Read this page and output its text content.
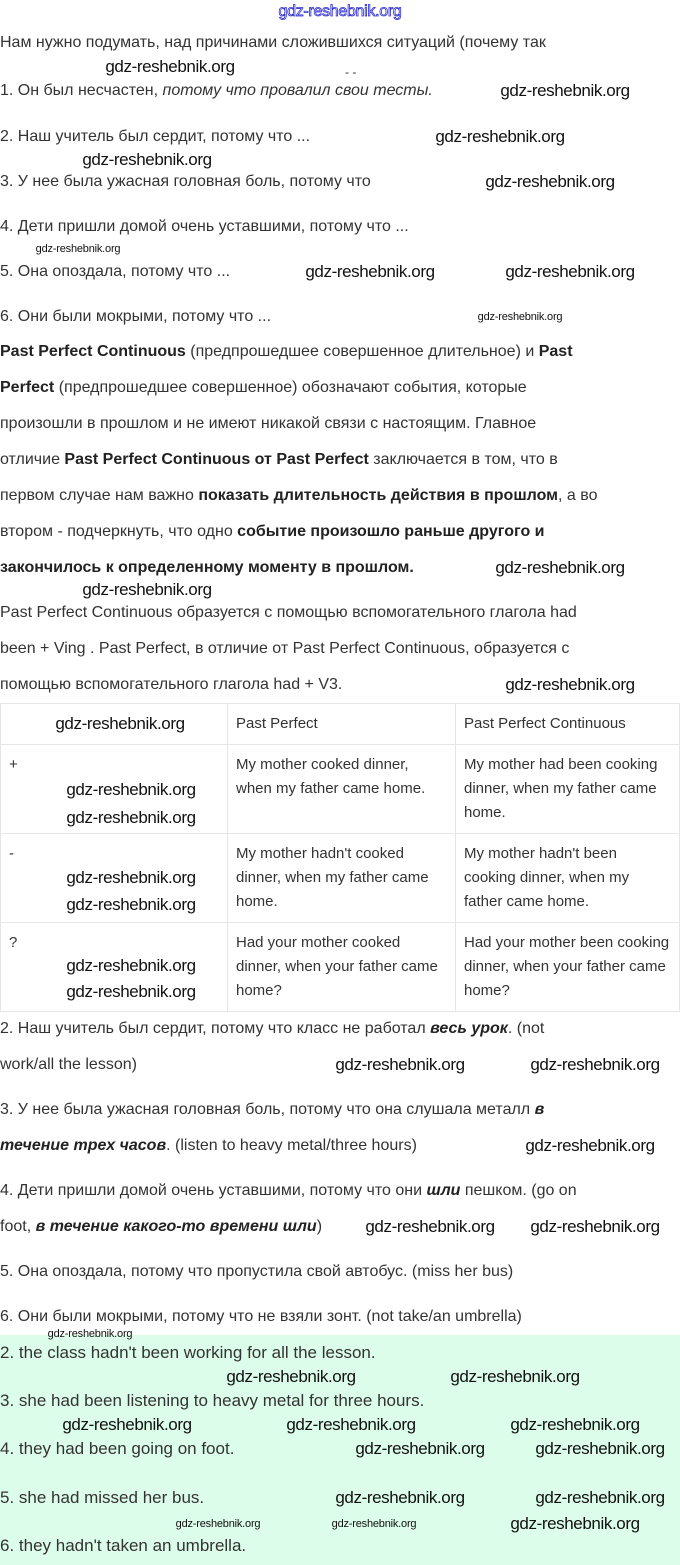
gdz-reshebnik.org
Нам нужно подумать, над причинами сложившихся ситуаций (почему так
- -
1. Он был несчастен, потому что провалил свои тесты.
2. Наш учитель был сердит, потому что ...
3. У нее была ужасная головная боль, потому что
4. Дети пришли домой очень уставшими, потому что ...
5. Она опоздала, потому что ...
6. Они были мокрыми, потому что ...
Past Perfect Continuous (предпрошедшее совершенное длительное) и Past
Perfect (предпрошедшее совершенное) обозначают события, которые
произошли в прошлом и не имеют никакой связи с настоящим. Главное
отличие Past Perfect Continuous от Past Perfect заключается в том, что в
первом случае нам важно показать длительность действия в прошлом, а во
втором - подчеркнуть, что одно событие произошло раньше другого и
закончилось к определенному моменту в прошлом.
Past Perfect Continuous образуется с помощью вспомогательного глагола had
been + Ving . Past Perfect, в отличие от Past Perfect Continuous, образуется с
помощью вспомогательного глагола had + V3.
	Past Perfect	Past Perfect Continuous
+	My mother cooked dinner, when my father came home.	My mother had been cooking dinner, when my father came home.
-	My mother hadn't cooked dinner, when my father came home.	My mother hadn't been cooking dinner, when my father came home.
?	Had your mother cooked dinner, when your father came home?	Had your mother been cooking dinner, when your father came home?
2. Наш учитель был сердит, потому что класс не работал весь урок. (not
work/all the lesson)
3. У нее была ужасная головная боль, потому что она слушала металл в
течение трех часов. (listen to heavy metal/three hours)
4. Дети пришли домой очень уставшими, потому что они шли пешком. (go on
foot, в течение какого-то времени шли)
5. Она опоздала, потому что пропустила свой автобус. (miss her bus)
6. Они были мокрыми, потому что не взяли зонт. (not take/an umbrella)
2. the class hadn't been working for all the lesson.
3. she had been listening to heavy metal for three hours.
4. they had been going on foot.
5. she had missed her bus.
6. they hadn't taken an umbrella.
gdz-reshebnik.org
gdz-reshebnik.org
gdz-reshebnik.org
gdz-reshebnik.org
gdz-reshebnik.org
gdz-reshebnik.org
gdz-reshebnik.org	gdz-reshebnik.org
gdz-reshebnik.org
gdz-reshebnik.org
gdz-reshebnik.org
gdz-reshebnik.org
gdz-reshebnik.org
gdz-reshebnik.org
gdz-reshebnik.org
gdz-reshebnik.org
gdz-reshebnik.org
gdz-reshebnik.org
gdz-reshebnik.org
gdz-reshebnik.org	gdz-reshebnik.org
gdz-reshebnik.org
gdz-reshebnik.org gdz-reshebnik.org
gdz-reshebnik.org
gdz-reshebnik.org	gdz-reshebnik.org
gdz-reshebnik.org	gdz-reshebnik.org	gdz-reshebnik.org
gdz-reshebnik.org	gdz-reshebnik.org
gdz-reshebnik.org	gdz-reshebnik.org
gdz-reshebnik.org	gdz-reshebnik.org	gdz-reshebnik.org
